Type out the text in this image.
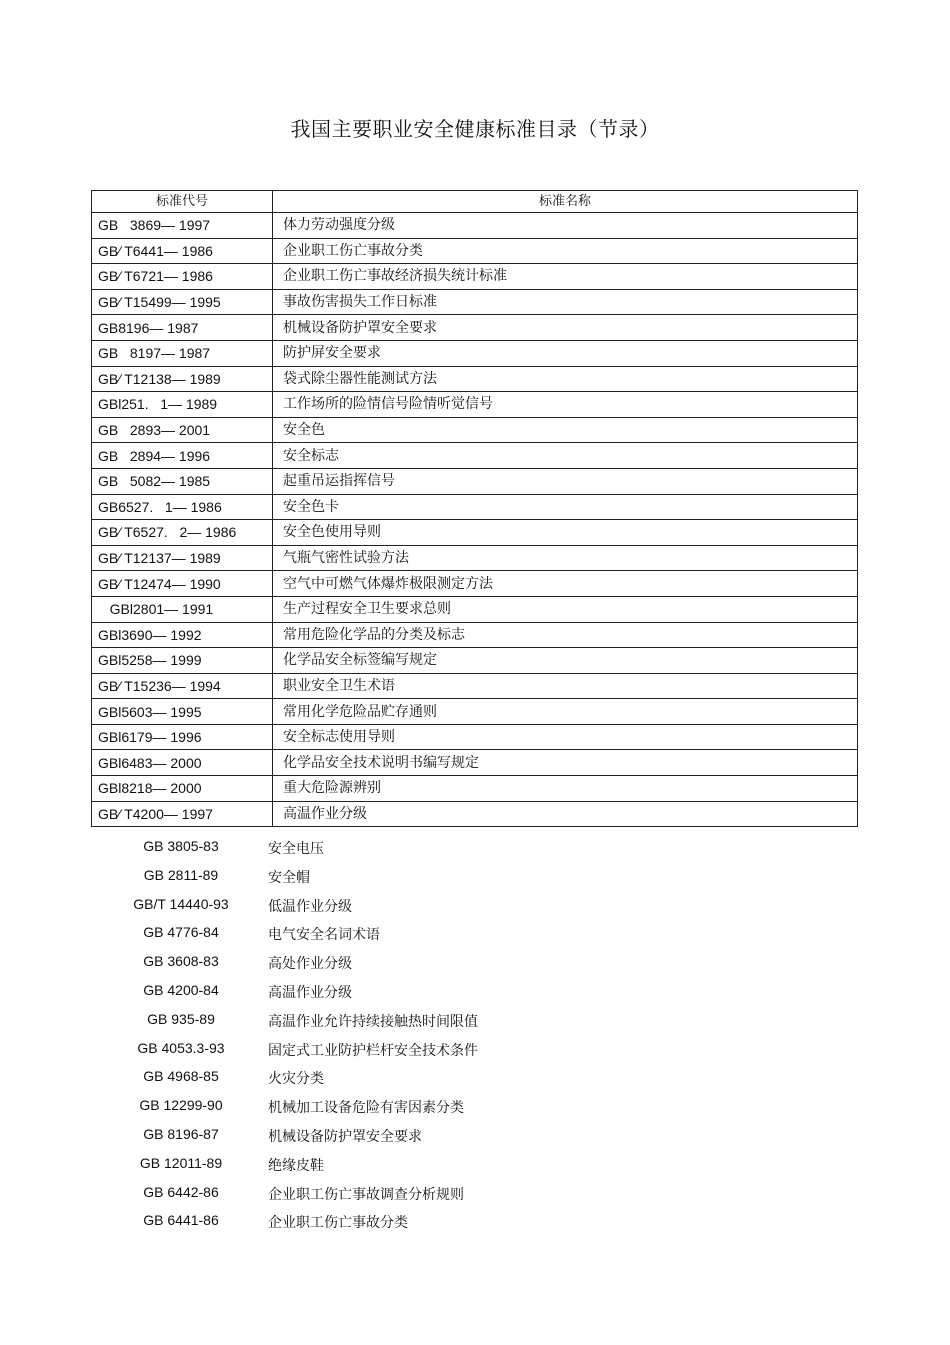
我国主要职业安全健康标准目录（节录）
标准代号	标准名称
GB   3869— 1997	体力劳动强度分级
GB∕ T6441— 1986	企业职工伤亡事故分类
GB∕ T6721— 1986	企业职工伤亡事故经济损失统计标准
GB∕ T15499— 1995	事故伤害损失工作日标准
GB8196— 1987	机械设备防护罩安全要求
GB   8197— 1987	防护屏安全要求
GB∕ T12138— 1989	袋式除尘器性能测试方法
GBl251.   1— 1989	工作场所的险情信号险情听觉信号
GB   2893— 2001	安全色
GB   2894— 1996	安全标志
GB   5082— 1985	起重吊运指挥信号
GB6527.   1— 1986	安全色卡
GB∕ T6527.   2— 1986	安全色使用导则
GB∕ T12137— 1989	气瓶气密性试验方法
GB∕ T12474— 1990	空气中可燃气体爆炸极限测定方法
GBl2801— 1991	生产过程安全卫生要求总则
GBl3690— 1992	常用危险化学品的分类及标志
GBl5258— 1999	化学品安全标签编写规定
GB∕ T15236— 1994	职业安全卫生术语
GBl5603— 1995	常用化学危险品贮存通则
GBl6179— 1996	安全标志使用导则
GBl6483— 2000	化学品安全技术说明书编写规定
GBl8218— 2000	重大危险源辨别
GB∕ T4200— 1997	高温作业分级
GB 3805-83	安全电压
GB 2811-89	安全帽
GB/T 14440-93	低温作业分级
GB 4776-84	电气安全名词术语
GB 3608-83	高处作业分级
GB 4200-84	高温作业分级
GB 935-89	高温作业允许持续接触热时间限值
GB 4053.3-93	固定式工业防护栏杆安全技术条件
GB 4968-85	火灾分类
GB 12299-90	机械加工设备危险有害因素分类
GB 8196-87	机械设备防护罩安全要求
GB 12011-89	绝缘皮鞋
GB 6442-86	企业职工伤亡事故调查分析规则
GB 6441-86	企业职工伤亡事故分类
